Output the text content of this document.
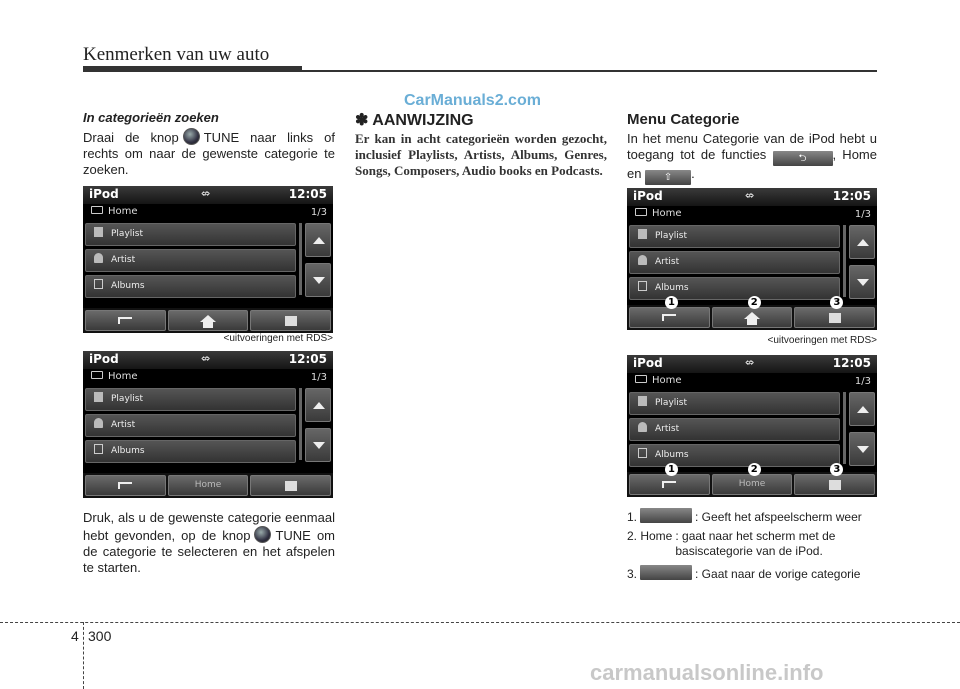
Kenmerken van uw auto
In categorieën zoeken
Draai de knop TUNE naar links of rechts om naar de gewenste categorie te zoeken.
iPod	⇎	12:05
Home	1/3
Playlist
Artist
Albums
<uitvoeringen met RDS>
iPod	⇎	12:05
Home	1/3
Playlist
Artist
Albums
Home
Druk, als u de gewenste categorie eenmaal hebt gevonden, op de knop TUNE om de categorie te selecteren en het afspelen te starten.
CarManuals2.com
✽ AANWIJZING
Er kan in acht categorieën worden gezocht, inclusief Playlists, Artists, Albums, Genres, Songs, Composers, Audio books en Podcasts.
Menu Categorie
In het menu Categorie van de iPod hebt u toegang tot de functies	⮌ , Home en ⇧ .
iPod	⇎	12:05
Home	1/3
Playlist
Artist
Albums
1	2	3
<uitvoeringen met RDS>
iPod	⇎	12:05
Home	1/3
Playlist
Artist
Albums
1	2
Home
3
1.	: Geeft het afspeelscherm weer
2. Home : gaat naar het scherm met de basiscategorie van de iPod.
3.	: Gaat naar de vorige categorie
4 300
carmanualsonline.info
